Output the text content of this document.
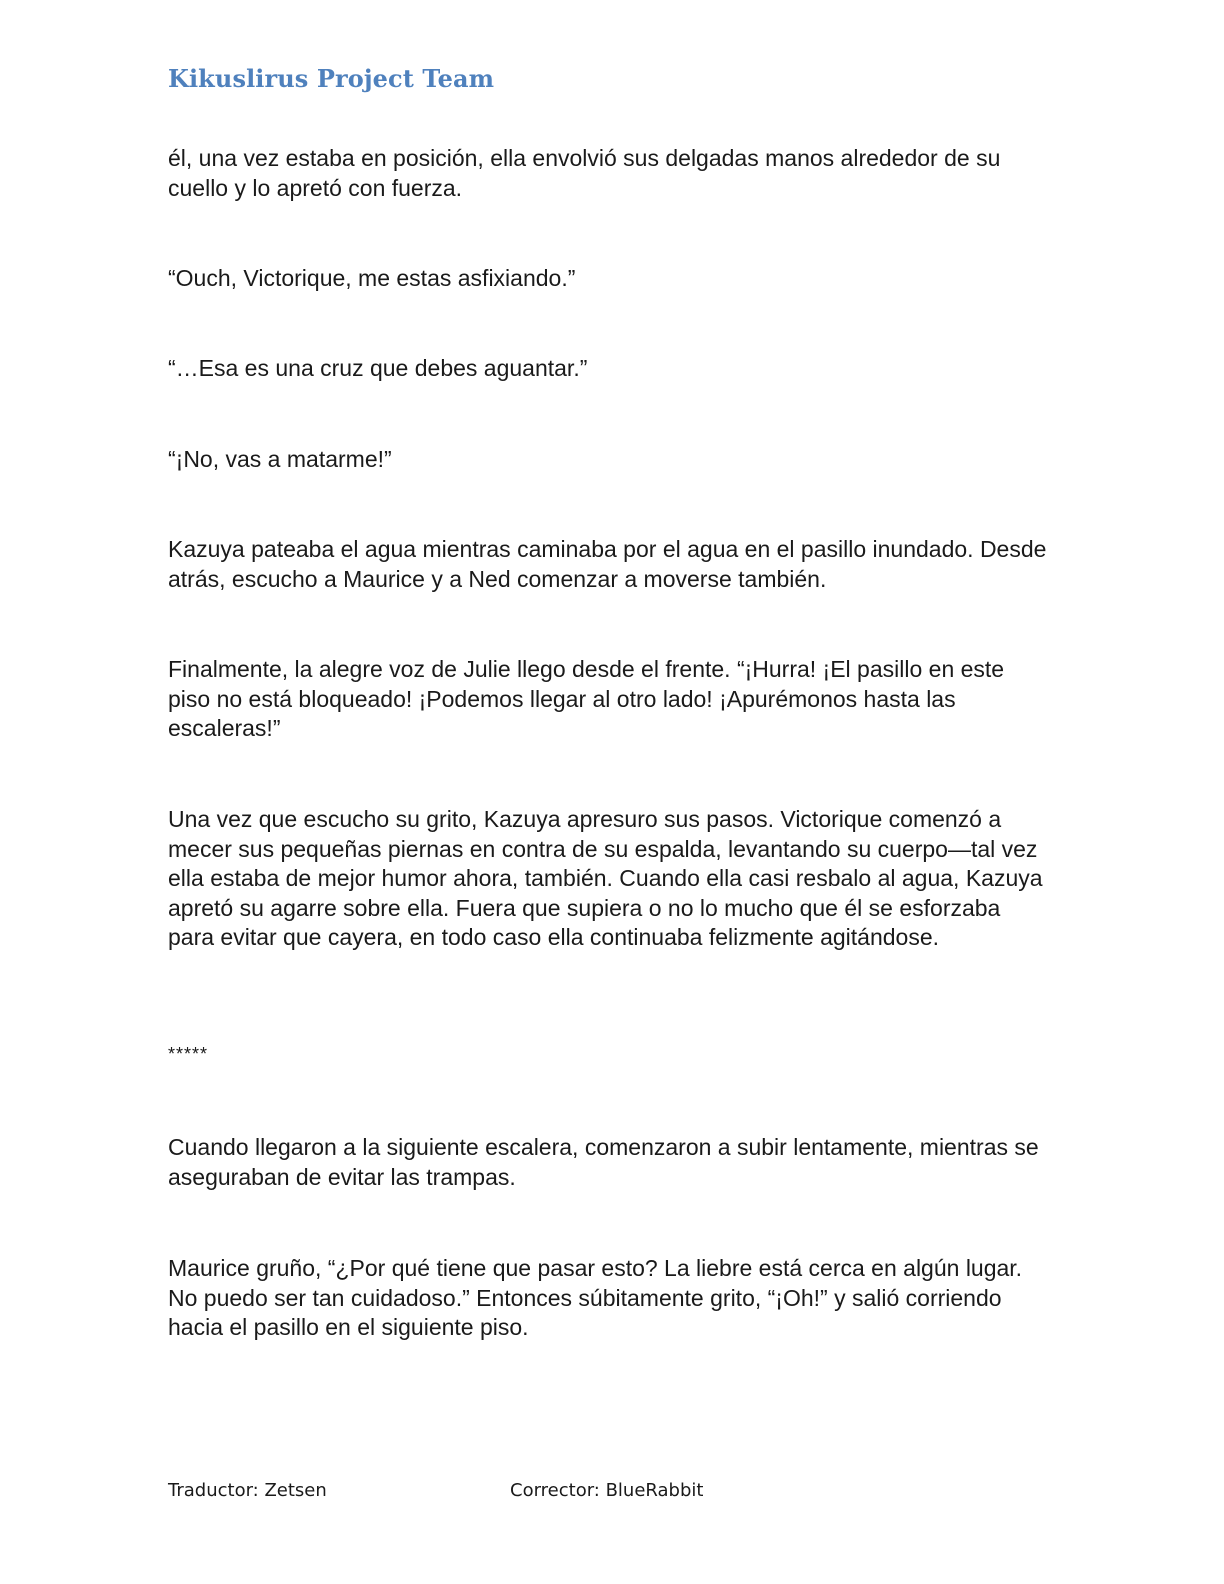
Kikuslirus Project Team

él, una vez estaba en posición, ella envolvió sus delgadas manos alrededor de su cuello y lo apretó con fuerza.

“Ouch, Victorique, me estas asfixiando.”

“…Esa es una cruz que debes aguantar.”

“¡No, vas a matarme!”

Kazuya pateaba el agua mientras caminaba por el agua en el pasillo inundado. Desde atrás, escucho a Maurice y a Ned comenzar a moverse también.

Finalmente, la alegre voz de Julie llego desde el frente. “¡Hurra! ¡El pasillo en este piso no está bloqueado! ¡Podemos llegar al otro lado! ¡Apurémonos hasta las escaleras!”

Una vez que escucho su grito, Kazuya apresuro sus pasos. Victorique comenzó a mecer sus pequeñas piernas en contra de su espalda, levantando su cuerpo—tal vez ella estaba de mejor humor ahora, también. Cuando ella casi resbalo al agua, Kazuya apretó su agarre sobre ella. Fuera que supiera o no lo mucho que él se esforzaba para evitar que cayera, en todo caso ella continuaba felizmente agitándose.

*****

Cuando llegaron a la siguiente escalera, comenzaron a subir lentamente, mientras se aseguraban de evitar las trampas.

Maurice gruño, “¿Por qué tiene que pasar esto? La liebre está cerca en algún lugar. No puedo ser tan cuidadoso.” Entonces súbitamente grito, “¡Oh!” y salió corriendo hacia el pasillo en el siguiente piso.

Traductor: Zetsen	Corrector: BlueRabbit
